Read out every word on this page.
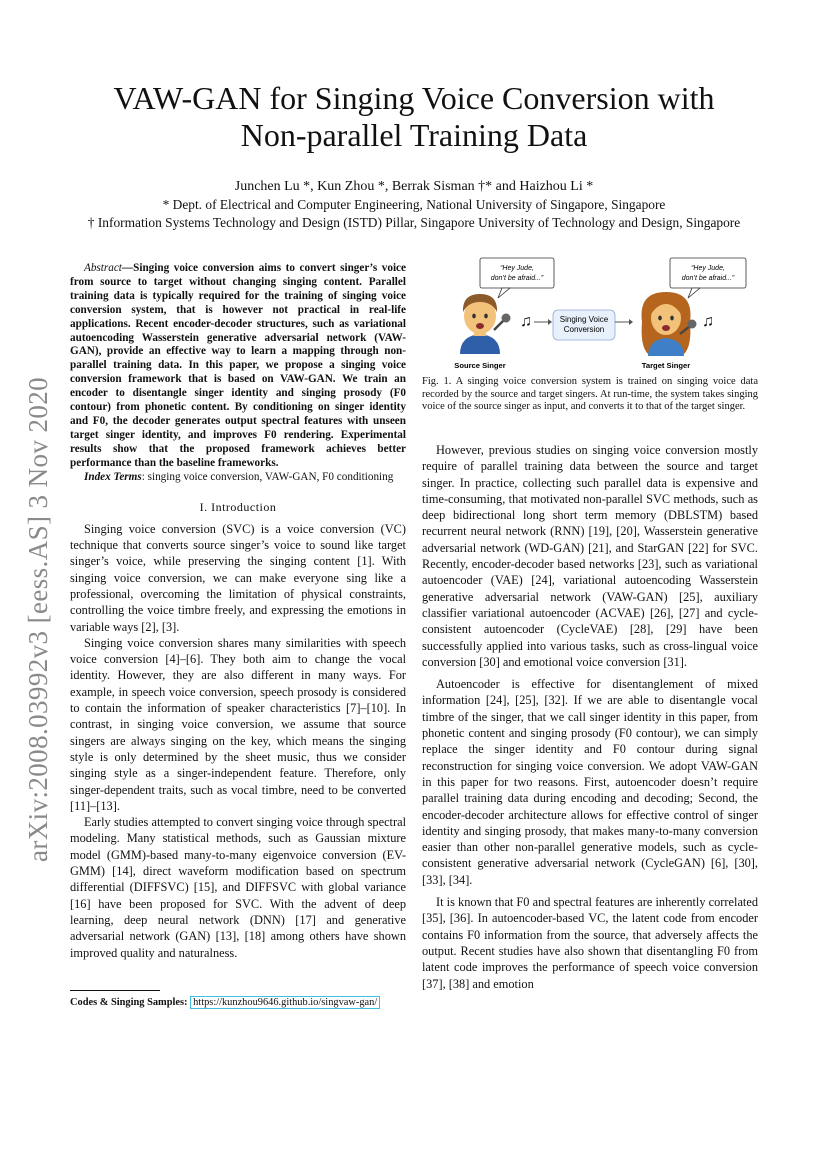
arXiv:2008.03992v3 [eess.AS] 3 Nov 2020
VAW-GAN for Singing Voice Conversion with
Non-parallel Training Data
Junchen Lu *, Kun Zhou *, Berrak Sisman †* and Haizhou Li *
* Dept. of Electrical and Computer Engineering, National University of Singapore, Singapore
† Information Systems Technology and Design (ISTD) Pillar, Singapore University of Technology and Design, Singapore

Abstract—Singing voice conversion aims to convert singer’s voice from source to target without changing singing content. Parallel training data is typically required for the training of singing voice conversion system, that is however not practical in real-life applications. Recent encoder-decoder structures, such as variational autoencoding Wasserstein generative adversarial network (VAW-GAN), provide an effective way to learn a mapping through non-parallel training data. In this paper, we propose a singing voice conversion framework that is based on VAW-GAN. We train an encoder to disentangle singer identity and singing prosody (F0 contour) from phonetic content. By conditioning on singer identity and F0, the decoder generates output spectral features with unseen target singer identity, and improves F0 rendering. Experimental results show that the proposed framework achieves better performance than the baseline frameworks.

Index Terms: singing voice conversion, VAW-GAN, F0 conditioning

I. Introduction

Singing voice conversion (SVC) is a voice conversion (VC) technique that converts source singer’s voice to sound like target singer’s voice, while preserving the singing content [1]. With singing voice conversion, we can make everyone sing like a professional, overcoming the limitation of physical constraints, controlling the voice timbre freely, and expressing the emotions in variable ways [2], [3].

Singing voice conversion shares many similarities with speech voice conversion [4]–[6]. They both aim to change the vocal identity. However, they are also different in many ways. For example, in speech voice conversion, speech prosody is considered to contain the information of speaker characteristics [7]–[10]. In contrast, in singing voice conversion, we assume that source singers are always singing on the key, which means the singing style is only determined by the sheet music, thus we consider singing style as a singer-independent feature. Therefore, only singer-dependent traits, such as vocal timbre, need to be converted [11]–[13].

Early studies attempted to convert singing voice through spectral modeling. Many statistical methods, such as Gaussian mixture model (GMM)-based many-to-many eigenvoice conversion (EV-GMM) [14], direct waveform modification based on spectrum differential (DIFFSVC) [15], and DIFFSVC with global variance [16] have been proposed for SVC. With the advent of deep learning, deep neural network (DNN) [17] and generative adversarial network (GAN) [13], [18] among others have shown improved quality and naturalness.

Codes & Singing Samples: https://kunzhou9646.github.io/singvaw-gan/
“Hey Jude,
don’t be afraid...”
“Hey Jude,
don’t be afraid...”
♫	Singing Voice
Conversion	♫
Source Singer	Target Singer
Fig. 1. A singing voice conversion system is trained on singing voice data recorded by the source and target singers. At run-time, the system takes singing voice of the source singer as input, and converts it to that of the target singer.

However, previous studies on singing voice conversion mostly require of parallel training data between the source and target singer. In practice, collecting such parallel data is expensive and time-consuming, that motivated non-parallel SVC methods, such as deep bidirectional long short term memory (DBLSTM) based recurrent neural network (RNN) [19], [20], Wasserstein generative adversarial network (WD-GAN) [21], and StarGAN [22] for SVC. Recently, encoder-decoder based networks [23], such as variational autoencoder (VAE) [24], variational autoencoding Wasserstein generative adversarial network (VAW-GAN) [25], auxiliary classifier variational autoencoder (ACVAE) [26], [27] and cycle-consistent autoencoder (CycleVAE) [28], [29] have been successfully applied into various tasks, such as cross-lingual voice conversion [30] and emotional voice conversion [31].

Autoencoder is effective for disentanglement of mixed information [24], [25], [32]. If we are able to disentangle vocal timbre of the singer, that we call singer identity in this paper, from phonetic content and singing prosody (F0 contour), we can simply replace the singer identity and F0 contour during signal reconstruction for singing voice conversion. We adopt VAW-GAN in this paper for two reasons. First, autoencoder doesn’t require parallel training data during encoding and decoding; Second, the encoder-decoder architecture allows for effective control of singer identity and singing prosody, that makes many-to-many conversion easier than other non-parallel generative models, such as cycle-consistent generative adversarial network (CycleGAN) [6], [30], [33], [34].

It is known that F0 and spectral features are inherently correlated [35], [36]. In autoencoder-based VC, the latent code from encoder contains F0 information from the source, that adversely affects the output. Recent studies have also shown that disentangling F0 from latent code improves the performance of speech voice conversion [37], [38] and emotion
